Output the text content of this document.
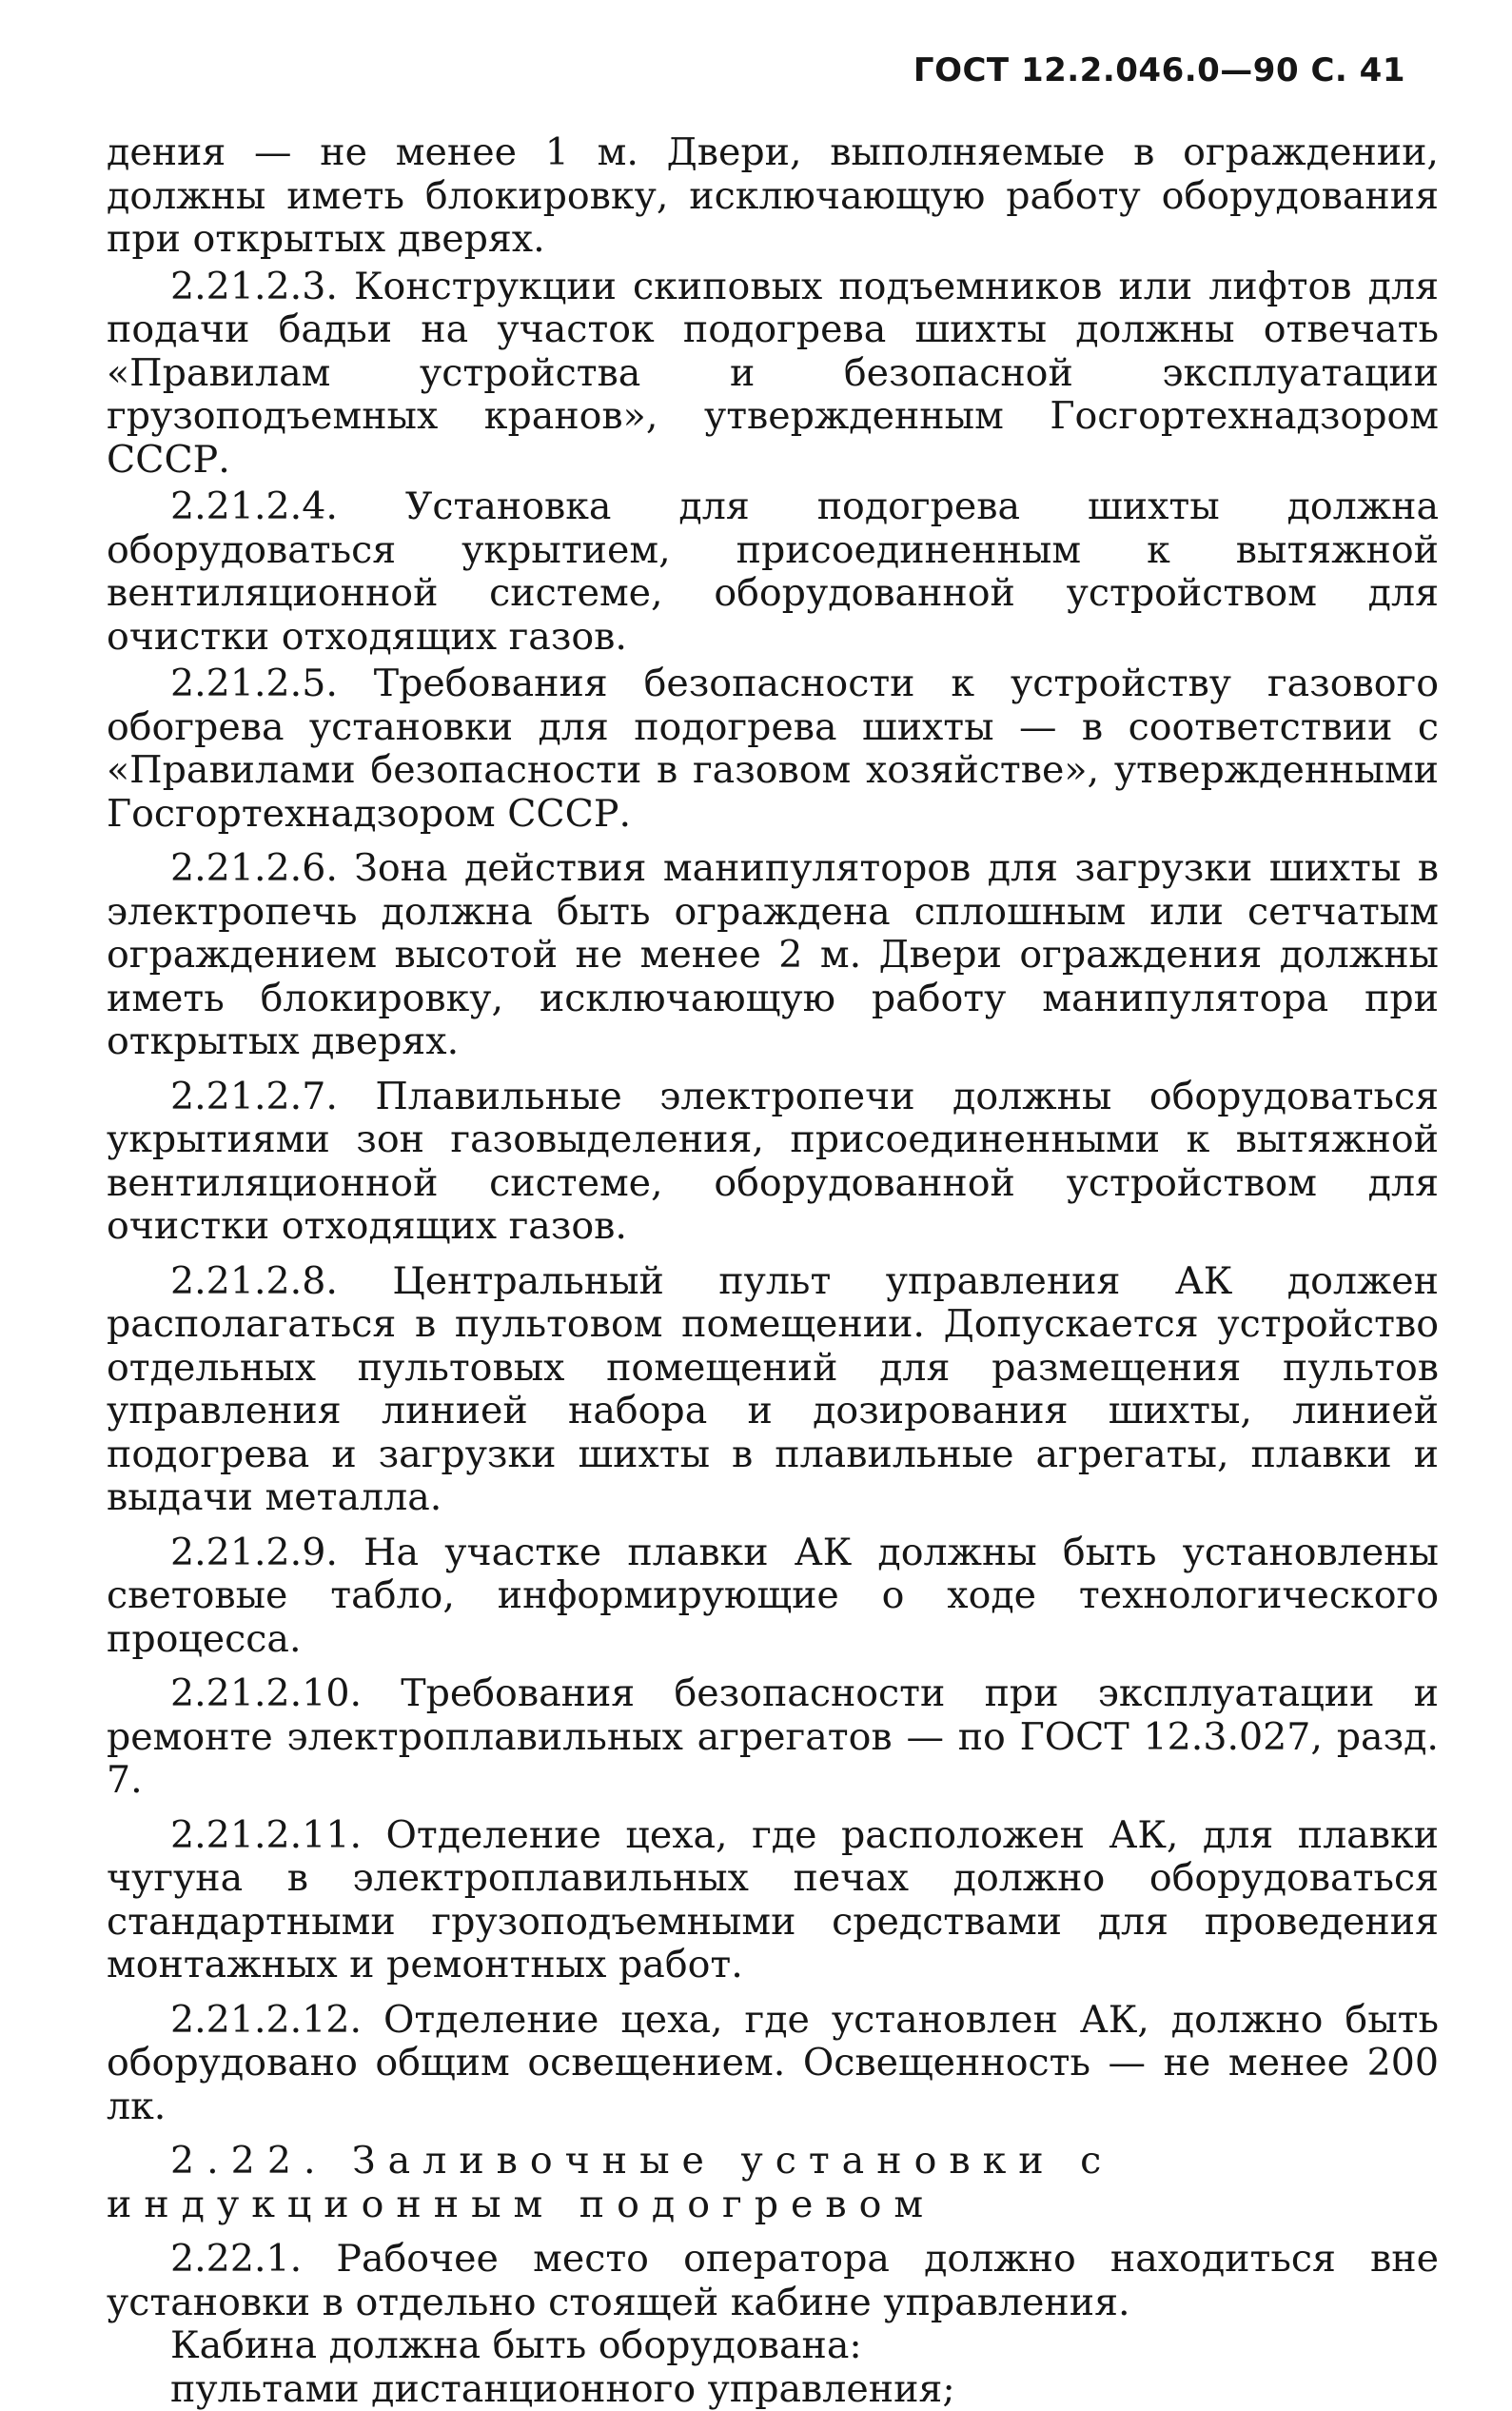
ГОСТ 12.2.046.0—90 С. 41

дения — не менее 1 м. Двери, выполняемые в ограждении, должны иметь блокировку, исключающую работу оборудования при открытых дверях.

2.21.2.3. Конструкции скиповых подъемников или лифтов для подачи бадьи на участок подогрева шихты должны отвечать «Правилам устройства и безопасной эксплуатации грузоподъемных кранов», утвержденным Госгортехнадзором СССР.

2.21.2.4. Установка для подогрева шихты должна оборудоваться укрытием, присоединенным к вытяжной вентиляционной системе, оборудованной устройством для очистки отходящих газов.

2.21.2.5. Требования безопасности к устройству газового обогрева установки для подогрева шихты — в соответствии с «Правилами безопасности в газовом хозяйстве», утвержденными Госгортехнадзором СССР.

2.21.2.6. Зона действия манипуляторов для загрузки шихты в электропечь должна быть ограждена сплошным или сетчатым ограждением высотой не менее 2 м. Двери ограждения должны иметь блокировку, исключающую работу манипулятора при открытых дверях.

2.21.2.7. Плавильные электропечи должны оборудоваться укрытиями зон газовыделения, присоединенными к вытяжной вентиляционной системе, оборудованной устройством для очистки отходящих газов.

2.21.2.8. Центральный пульт управления АК должен располагаться в пультовом помещении. Допускается устройство отдельных пультовых помещений для размещения пультов управления линией набора и дозирования шихты, линией подогрева и загрузки шихты в плавильные агрегаты, плавки и выдачи металла.

2.21.2.9. На участке плавки АК должны быть установлены световые табло, информирующие о ходе технологического процесса.

2.21.2.10. Требования безопасности при эксплуатации и ремонте электроплавильных агрегатов — по ГОСТ 12.3.027, разд. 7.

2.21.2.11. Отделение цеха, где расположен АК, для плавки чугуна в электроплавильных печах должно оборудоваться стандартными грузоподъемными средствами для проведения монтажных и ремонтных работ.

2.21.2.12. Отделение цеха, где установлен АК, должно быть оборудовано общим освещением. Освещенность — не менее 200 лк.

2.22. Заливочные установки с индукционным подогревом

2.22.1. Рабочее место оператора должно находиться вне установки в отдельно стоящей кабине управления.

Кабина должна быть оборудована:

пультами дистанционного управления;
